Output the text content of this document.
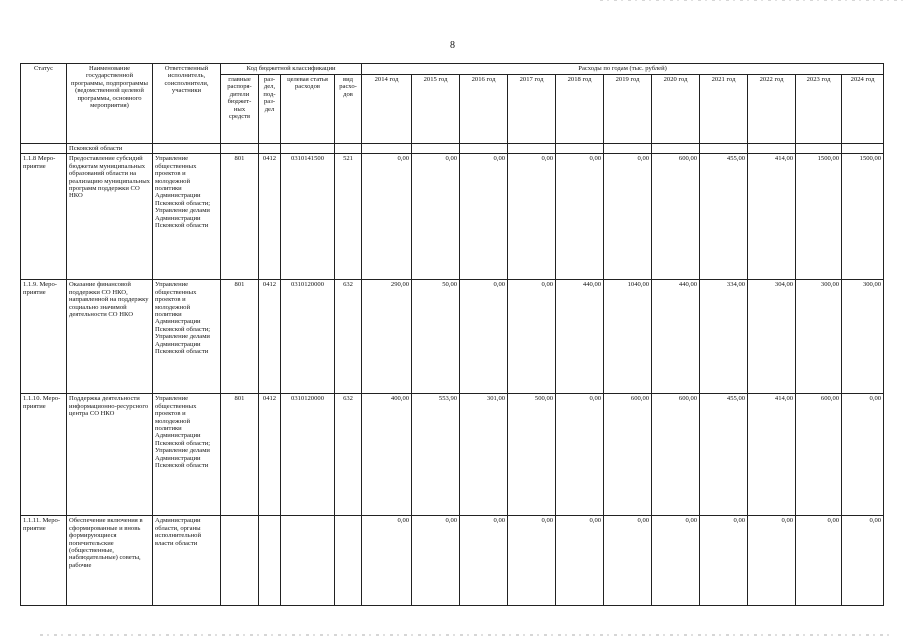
8
Статус	Наименование государственной программы, подпрограммы (ведомственной целевой программы, основного мероприятия)	Ответственный исполнитель, соисполнители, участники	Код бюджетной классификации				Расходы по годам (тыс. рублей)										
			главные распоря-дители бюджет-ных средств	раз-дел, под-раз-дел	целевая статья расходов	вид расхо-дов	2014 год	2015 год	2016 год	2017 год	2018 год	2019 год	2020 год	2021 год	2022 год	2023 год	2024 год
	Псковской области																
1.1.8 Меро-приятие	Предоставление субсидий бюджетам муниципальных образований области на реализацию муниципальных программ поддержки СО НКО	Управление общественных проектов и молодежной политики Администрации Псковской области; Управление делами Администрации Псковской области	801	0412	0310141500	521	0,00	0,00	0,00	0,00	0,00	0,00	600,00	455,00	414,00	1500,00	1500,00
1.1.9. Меро-приятие	Оказание финансовой поддержки СО НКО, направленной на поддержку социально значимой деятельности СО НКО	Управление общественных проектов и молодежной политики Администрации Псковской области; Управление делами Администрации Псковской области	801	0412	0310120000	632	290,00	50,00	0,00	0,00	440,00	1040,00	440,00	334,00	304,00	300,00	300,00
1.1.10. Меро-приятие	Поддержка деятельности информационно-ресурсного центра СО НКО	Управление общественных проектов и молодежной политики Администрации Псковской области; Управление делами Администрации Псковской области	801	0412	0310120000	632	400,00	553,90	301,00	500,00	0,00	600,00	600,00	455,00	414,00	600,00	0,00
1.1.11. Меро-приятие	Обеспечение включения в сформированные и вновь формирующиеся попечительские (общественные, наблюдательные) советы, рабочие	Администрации области, органы исполнительной власти области					0,00	0,00	0,00	0,00	0,00	0,00	0,00	0,00	0,00	0,00	0,00
